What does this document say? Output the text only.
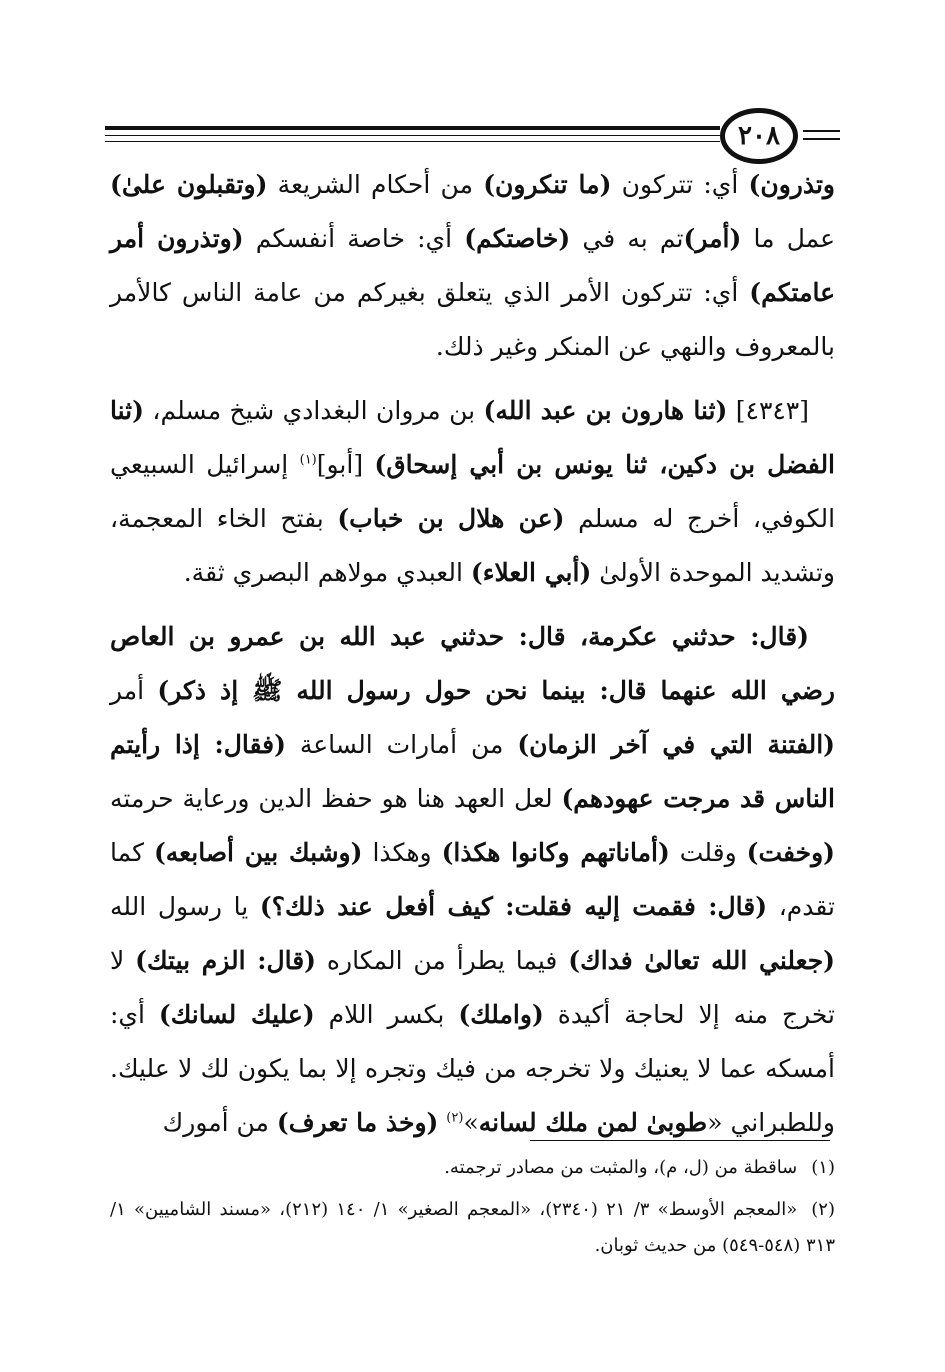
٢٠٨

وتذرون) أي: تتركون (ما تنكرون) من أحكام الشريعة (وتقبلون علىٰ) عمل ما (أمر)تم به في (خاصتكم) أي: خاصة أنفسكم (وتذرون أمر عامتكم) أي: تتركون الأمر الذي يتعلق بغيركم من عامة الناس كالأمر بالمعروف والنهي عن المنكر وغير ذلك.

[٤٣٤٣] (ثنا هارون بن عبد الله) بن مروان البغدادي شيخ مسلم، (ثنا الفضل بن دكين، ثنا يونس بن أبي إسحاق) [أبو]$^{(١)}$ إسرائيل السبيعي الكوفي، أخرج له مسلم (عن هلال بن خباب) بفتح الخاء المعجمة، وتشديد الموحدة الأولىٰ (أبي العلاء) العبدي مولاهم البصري ثقة.

(قال: حدثني عكرمة، قال: حدثني عبد الله بن عمرو بن العاص رضي الله عنهما قال: بينما نحن حول رسول الله ﷺ إذ ذكر) أمر (الفتنة التي في آخر الزمان) من أمارات الساعة (فقال: إذا رأيتم الناس قد مرجت عهودهم) لعل العهد هنا هو حفظ الدين ورعاية حرمته (وخفت) وقلت (أماناتهم وكانوا هكذا) وهكذا (وشبك بين أصابعه) كما تقدم، (قال: فقمت إليه فقلت: كيف أفعل عند ذلك؟) يا رسول الله (جعلني الله تعالىٰ فداك) فيما يطرأ من المكاره (قال: الزم بيتك) لا تخرج منه إلا لحاجة أكيدة (واملك) بكسر اللام (عليك لسانك) أي: أمسكه عما لا يعنيك ولا تخرجه من فيك وتجره إلا بما يكون لك لا عليك. وللطبراني «طوبىٰ لمن ملك لسانه»$^{(٢)}$ (وخذ ما تعرف) من أمورك

(١)ساقطة من (ل، م)، والمثبت من مصادر ترجمته.
(٢)«المعجم الأوسط» ٣/ ٢١ (٢٣٤٠)، «المعجم الصغير» ١/ ١٤٠ (٢١٢)، «مسند الشاميين» ١/ ٣١٣ (٥٤٨-٥٤٩) من حديث ثوبان.
